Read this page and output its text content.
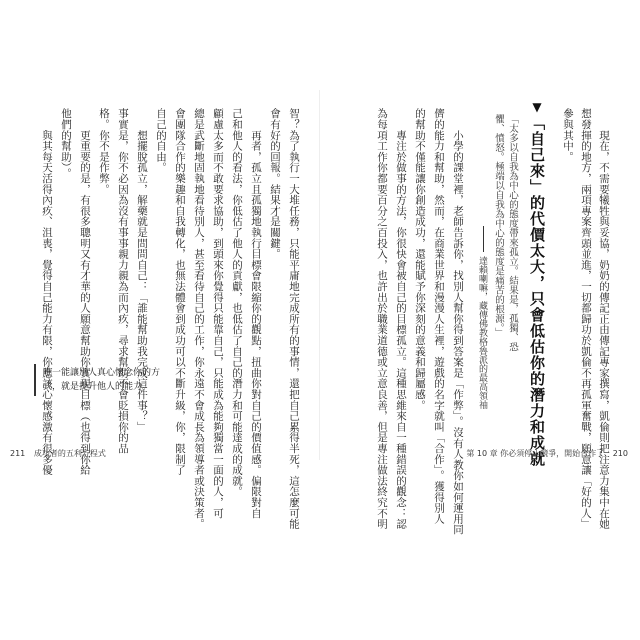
智？為了執行一大堆任務，只能平庸地完成所有的事情，還把自己累得半死，這怎麼可能
會有好的回報。結果才是關鍵。
　　再者，孤立且孤獨地執行目標會限縮你的觀點，扭曲你對自己的價值感。偏限對自
己和他人的看法，你低估了他人的貢獻，也低估了自己的潛力和可能達成的成就。
顧慮太多而不敢要求協助，到頭來你覺得只能靠自己，只能成為能夠獨當一面的人，可
總是武斷地固執地看待別人，甚至看待自己的工作，你永遠不會成長為領導者或決策者。
會團隊合作的樂趣和自我轉化，也無法體會到成功可以不斷升級，你，限制了
自己的自由。
　　想擺脫孤立，解藥就是問問自己：「誰能幫助我完成這件事？」
事實是，你不必因為沒有事事親力親為而內疚，尋求幫助不會貶損你的品
格。你不是作弊。
　　更重要的是，有很多聰明又有才華的人願意幫助你實現目標（也得到你給
他們的幫助）。
　　與其每天活得內疚、沮喪，覺得自己能力有限，你應該心懷感激有很多優
唯一能讓別人真心懷念你的方式，就是提升他人的能力。	　　現在，不需要犧牲與妥協，奶奶的傳記正由傳記專家撰寫，凱倫則把注意力集中在她
想發揮的地方，兩項專案齊頭並進，一切都歸功於凱倫不再孤軍奮戰，願意讓「好的人」
參與其中。
▼「自己來」的代價太大，只會低估你的潛力和成就
「太多以自我為中心的態度帶來孤立。結果是，孤獨、恐
懼、憤怒。極端以自我為中心的態度是痛苦的根源。」
達賴喇嘛，藏傳佛教格魯派的最高領袖
　　小學的課堂裡，老師告訴你，找別人幫你得到答案是「作弊」。沒有人教你如何運用同
儕的能力和幫助，然而，在商業世界和漫漫人生裡，遊戲的名字就叫「合作」。獲得別人
的幫助不僅能讓你創造成功，還能賦予你深刻的意義和歸屬感。
　　專注於做事的方法，你很快會被自己的目標孤立。這種思維來自一種錯誤的觀念：認
為每項工作你都要百分之百投入，也許出於職業道德或立意良善，但是專注做法終究不明
211 成功者的五利方程式	第 10 章 你必須停止競爭，開始合作了 210
